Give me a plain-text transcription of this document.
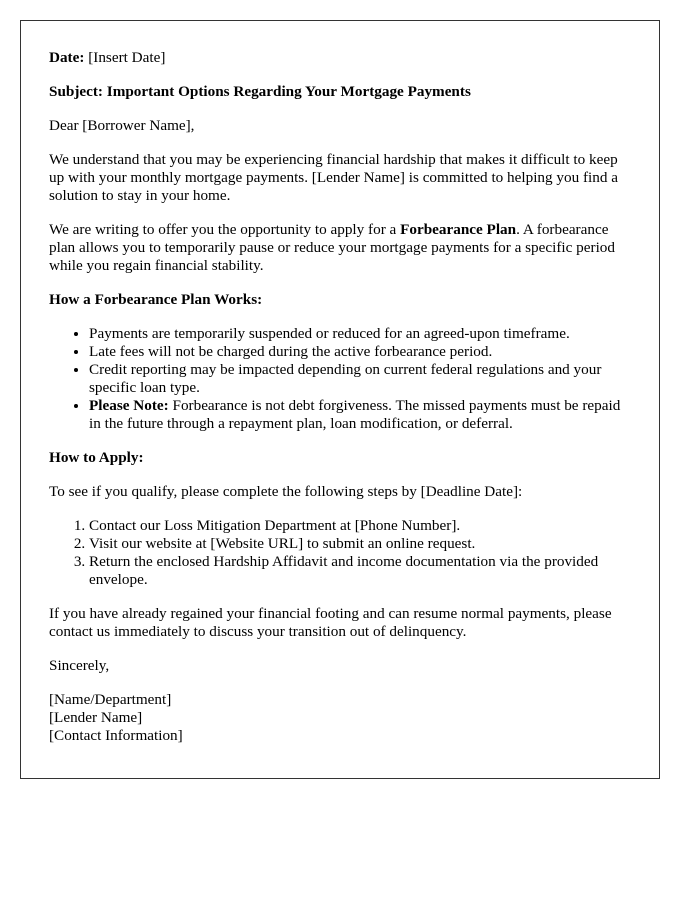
Date: [Insert Date]

Subject: Important Options Regarding Your Mortgage Payments

Dear [Borrower Name],

We understand that you may be experiencing financial hardship that makes it difficult to keep up with your monthly mortgage payments. [Lender Name] is committed to helping you find a solution to stay in your home.

We are writing to offer you the opportunity to apply for a Forbearance Plan. A forbearance plan allows you to temporarily pause or reduce your mortgage payments for a specific period while you regain financial stability.

How a Forbearance Plan Works:

• Payments are temporarily suspended or reduced for an agreed-upon timeframe.
• Late fees will not be charged during the active forbearance period.
• Credit reporting may be impacted depending on current federal regulations and your specific loan type.
• Please Note: Forbearance is not debt forgiveness. The missed payments must be repaid in the future through a repayment plan, loan modification, or deferral.

How to Apply:

To see if you qualify, please complete the following steps by [Deadline Date]:

1. Contact our Loss Mitigation Department at [Phone Number].
2. Visit our website at [Website URL] to submit an online request.
3. Return the enclosed Hardship Affidavit and income documentation via the provided envelope.

If you have already regained your financial footing and can resume normal payments, please contact us immediately to discuss your transition out of delinquency.

Sincerely,

[Name/Department]
[Lender Name]
[Contact Information]
